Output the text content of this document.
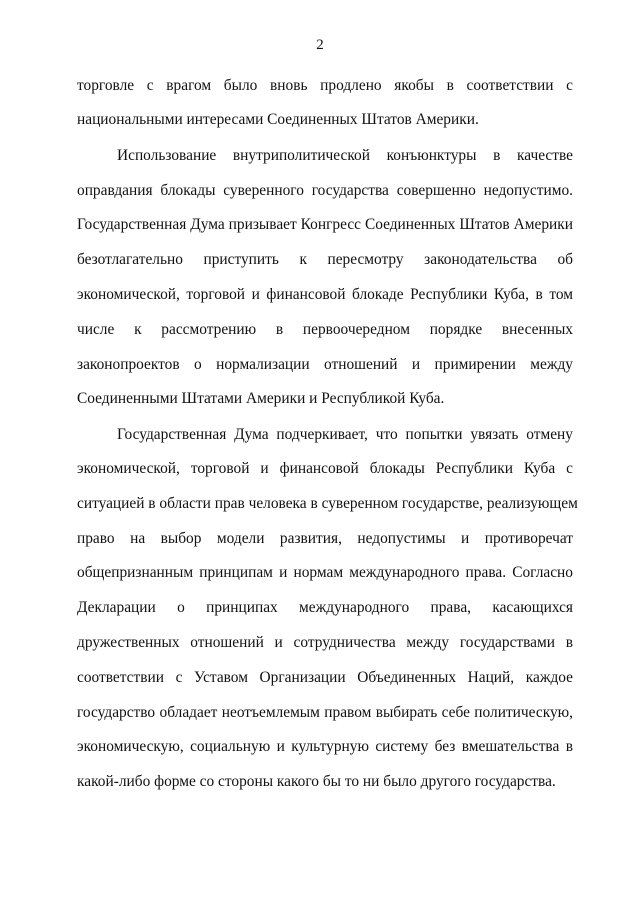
2
торговле с врагом было вновь продлено якобы в соответствии с
национальными интересами Соединенных Штатов Америки.
Использование внутриполитической конъюнктуры в качестве
оправдания блокады суверенного государства совершенно недопустимо.
Государственная Дума призывает Конгресс Соединенных Штатов Америки
безотлагательно приступить к пересмотру законодательства об
экономической, торговой и финансовой блокаде Республики Куба, в том
числе к рассмотрению в первоочередном порядке внесенных
законопроектов о нормализации отношений и примирении между
Соединенными Штатами Америки и Республикой Куба.
Государственная Дума подчеркивает, что попытки увязать отмену
экономической, торговой и финансовой блокады Республики Куба с
ситуацией в области прав человека в суверенном государстве, реализующем
право на выбор модели развития, недопустимы и противоречат
общепризнанным принципам и нормам международного права. Согласно
Декларации о принципах международного права, касающихся
дружественных отношений и сотрудничества между государствами в
соответствии с Уставом Организации Объединенных Наций, каждое
государство обладает неотъемлемым правом выбирать себе политическую,
экономическую, социальную и культурную систему без вмешательства в
какой-либо форме со стороны какого бы то ни было другого государства.
